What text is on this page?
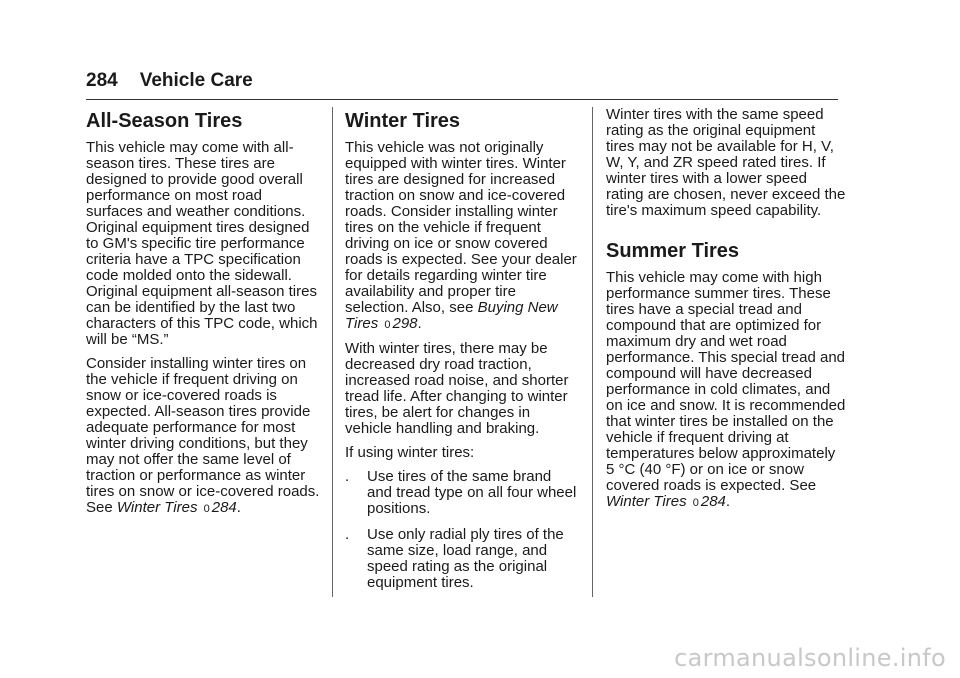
284 Vehicle Care
All-Season Tires

This vehicle may come with all-season tires. These tires are designed to provide good overall performance on most road surfaces and weather conditions. Original equipment tires designed to GM's specific tire performance criteria have a TPC specification code molded onto the sidewall. Original equipment all-season tires can be identified by the last two characters of this TPC code, which will be “MS.”

Consider installing winter tires on the vehicle if frequent driving on snow or ice-covered roads is expected. All-season tires provide adequate performance for most winter driving conditions, but they may not offer the same level of traction or performance as winter tires on snow or ice-covered roads. See Winter Tires 0 284.

Winter Tires

This vehicle was not originally equipped with winter tires. Winter tires are designed for increased traction on snow and ice-covered roads. Consider installing winter tires on the vehicle if frequent driving on ice or snow covered roads is expected. See your dealer for details regarding winter tire availability and proper tire selection. Also, see Buying New Tires 0 298.

With winter tires, there may be decreased dry road traction, increased road noise, and shorter tread life. After changing to winter tires, be alert for changes in vehicle handling and braking.

If using winter tires:

. Use tires of the same brand and tread type on all four wheel positions.
. Use only radial ply tires of the same size, load range, and speed rating as the original equipment tires.

Winter tires with the same speed rating as the original equipment tires may not be available for H, V, W, Y, and ZR speed rated tires. If winter tires with a lower speed rating are chosen, never exceed the tire's maximum speed capability.

Summer Tires

This vehicle may come with high performance summer tires. These tires have a special tread and compound that are optimized for maximum dry and wet road performance. This special tread and compound will have decreased performance in cold climates, and on ice and snow. It is recommended that winter tires be installed on the vehicle if frequent driving at temperatures below approximately 5 °C (40 °F) or on ice or snow covered roads is expected. See Winter Tires 0 284.

carmanualsonline.info
